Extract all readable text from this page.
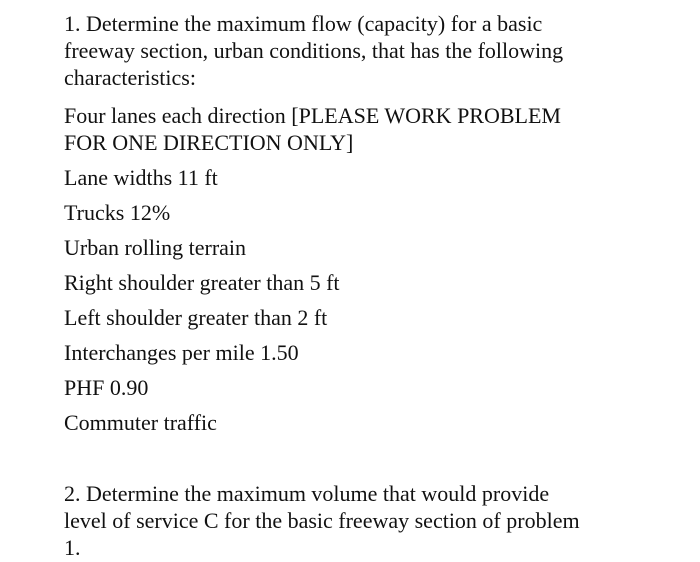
1. Determine the maximum flow (capacity) for a basic
freeway section, urban conditions, that has the following
characteristics:

Four lanes each direction [PLEASE WORK PROBLEM
FOR ONE DIRECTION ONLY]
Lane widths 11 ft
Trucks 12%
Urban rolling terrain
Right shoulder greater than 5 ft
Left shoulder greater than 2 ft
Interchanges per mile 1.50
PHF 0.90
Commuter traffic

2. Determine the maximum volume that would provide
level of service C for the basic freeway section of problem
1.
